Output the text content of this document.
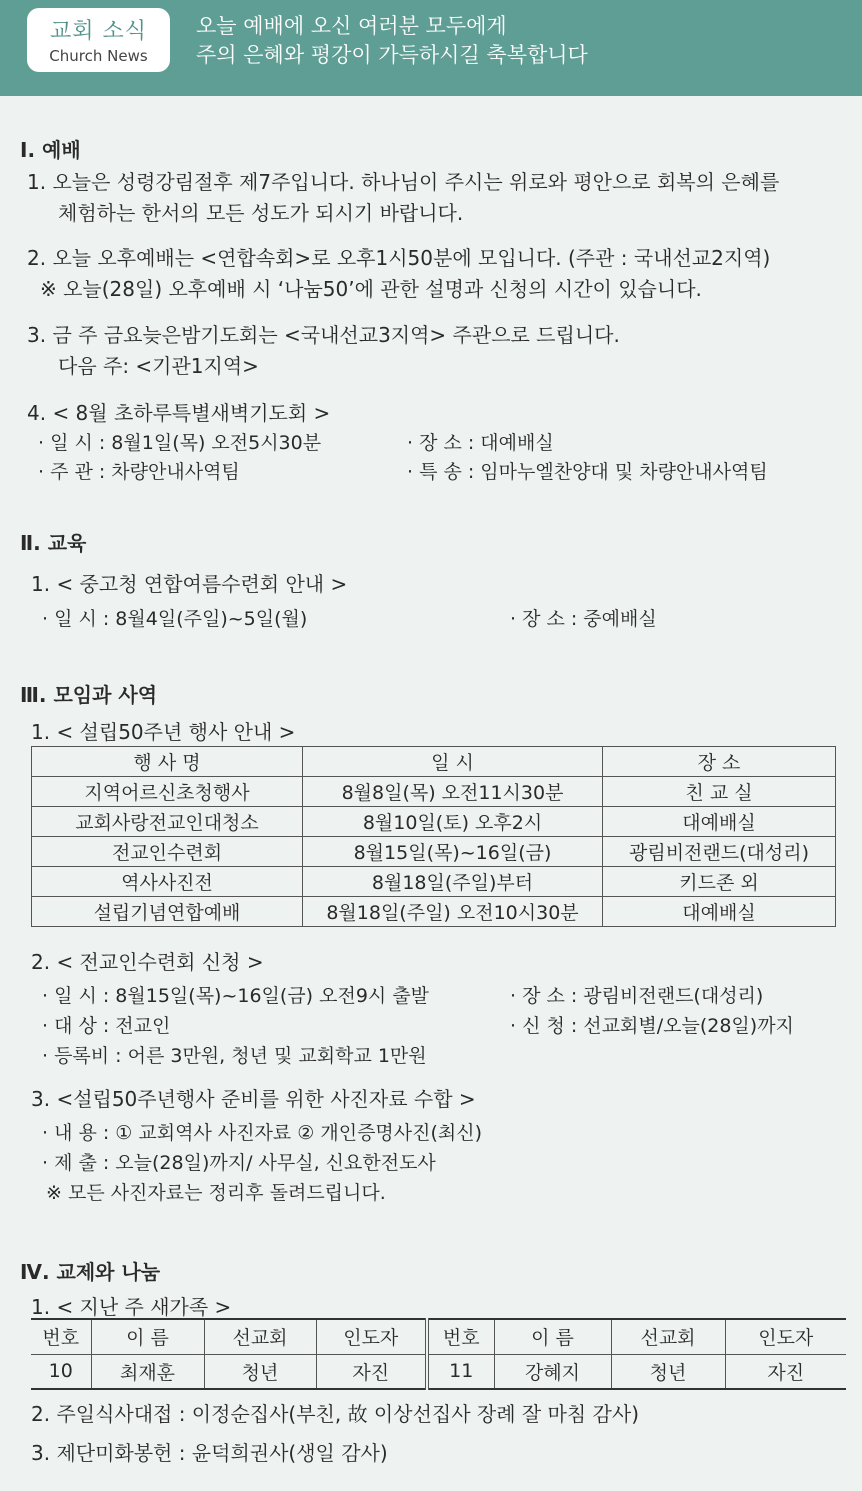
교회 소식
Church News
오늘 예배에 오신 여러분 모두에게
주의 은혜와 평강이 가득하시길 축복합니다
Ⅰ. 예배
1. 오늘은 성령강림절후 제7주입니다. 하나님이 주시는 위로와 평안으로 회복의 은혜를
체험하는 한서의 모든 성도가 되시기 바랍니다.
2. 오늘 오후예배는 <연합속회>로 오후1시50분에 모입니다. (주관 : 국내선교2지역)
※ 오늘(28일) 오후예배 시 ‘나눔50’에 관한 설명과 신청의 시간이 있습니다.
3. 금 주 금요늦은밤기도회는 <국내선교3지역> 주관으로 드립니다.
다음 주: <기관1지역>
4. < 8월 초하루특별새벽기도회 >
· 일 시 : 8월1일(목) 오전5시30분	· 장 소 : 대예배실
· 주 관 : 차량안내사역팀	· 특 송 : 임마누엘찬양대 및 차량안내사역팀
Ⅱ. 교육
1. < 중고청 연합여름수련회 안내 >
· 일 시 : 8월4일(주일)~5일(월)	· 장 소 : 중예배실
Ⅲ. 모임과 사역
1. < 설립50주년 행사 안내 >
행 사 명	일 시	장 소
지역어르신초청행사	8월8일(목) 오전11시30분	친 교 실
교회사랑전교인대청소	8월10일(토) 오후2시	대예배실
전교인수련회	8월15일(목)~16일(금)	광림비전랜드(대성리)
역사사진전	8월18일(주일)부터	키드존 외
설립기념연합예배	8월18일(주일) 오전10시30분	대예배실
2. < 전교인수련회 신청 >
· 일 시 : 8월15일(목)~16일(금) 오전9시 출발	· 장 소 : 광림비전랜드(대성리)
· 대 상 : 전교인	· 신 청 : 선교회별/오늘(28일)까지
· 등록비 : 어른 3만원, 청년 및 교회학교 1만원
3. <설립50주년행사 준비를 위한 사진자료 수합 >
· 내 용 : ① 교회역사 사진자료 ② 개인증명사진(최신)
· 제 출 : 오늘(28일)까지/ 사무실, 신요한전도사
※ 모든 사진자료는 정리후 돌려드립니다.
Ⅳ. 교제와 나눔
1. < 지난 주 새가족 >
번호	이 름	선교회	인도자	번호	이 름	선교회	인도자
10	최재훈	청년	자진	11	강혜지	청년	자진
2. 주일식사대접 : 이정순집사(부친, 故 이상선집사 장례 잘 마침 감사)
3. 제단미화봉헌 : 윤덕희권사(생일 감사)
